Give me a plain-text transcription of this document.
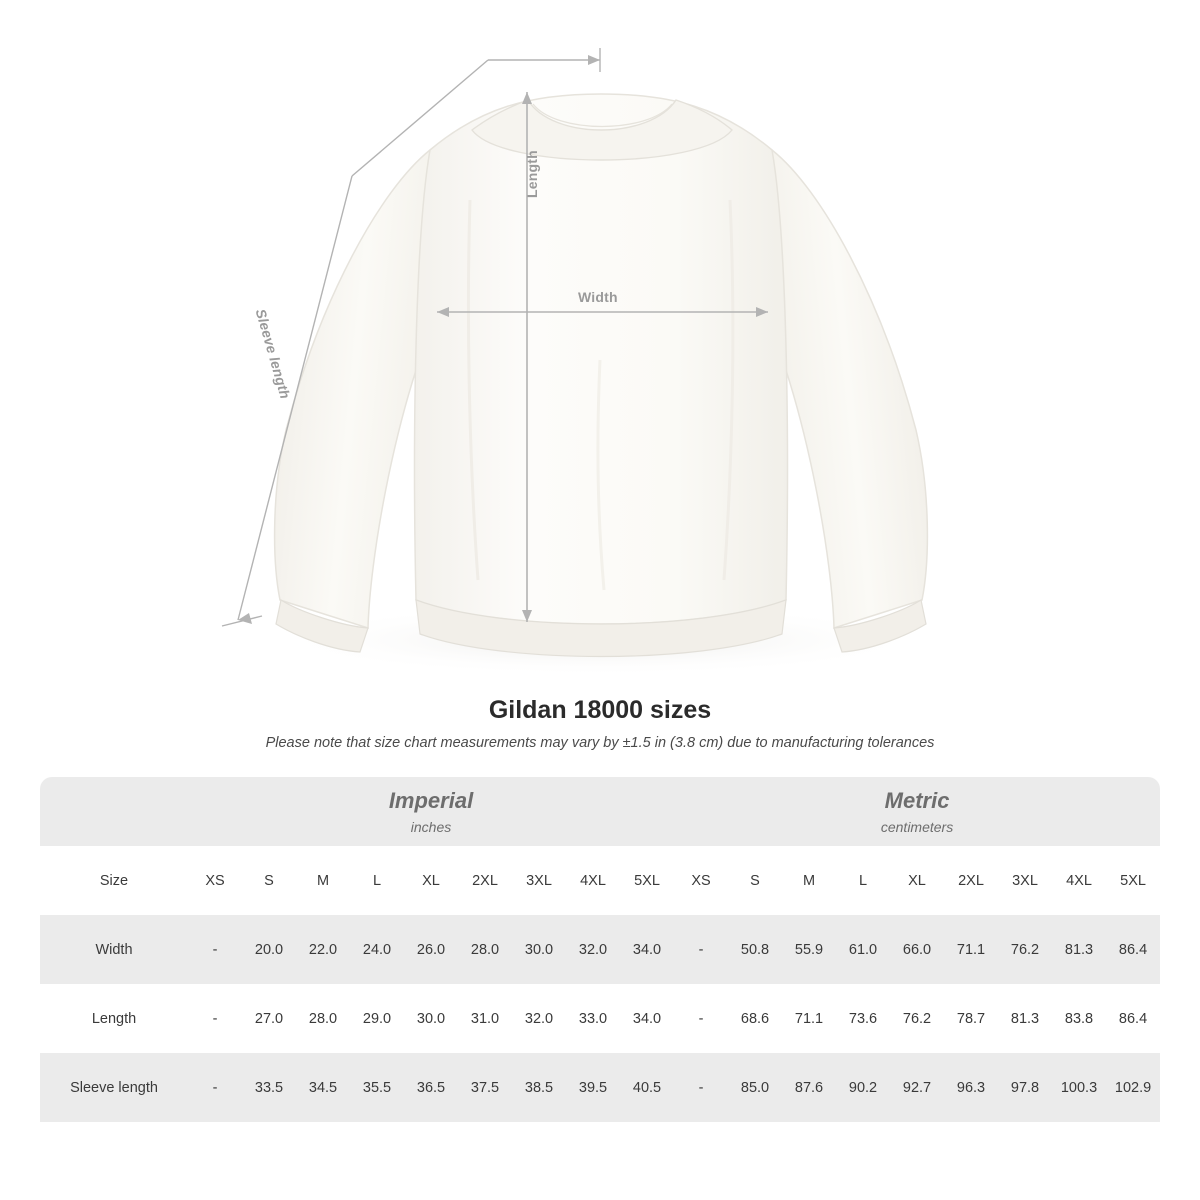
Width
Length
Sleeve length
Gildan 18000 sizes

Please note that size chart measurements may vary by ±1.5 in (3.8 cm) due to manufacturing tolerances

Imperial
inches

Metric
centimeters

Size	XS	S	M	L	XL	2XL	3XL	4XL	5XL	XS	S	M	L	XL	2XL	3XL	4XL	5XL
Width	-	20.0	22.0	24.0	26.0	28.0	30.0	32.0	34.0	-	50.8	55.9	61.0	66.0	71.1	76.2	81.3	86.4
Length	-	27.0	28.0	29.0	30.0	31.0	32.0	33.0	34.0	-	68.6	71.1	73.6	76.2	78.7	81.3	83.8	86.4
Sleeve length	-	33.5	34.5	35.5	36.5	37.5	38.5	39.5	40.5	-	85.0	87.6	90.2	92.7	96.3	97.8	100.3	102.9
